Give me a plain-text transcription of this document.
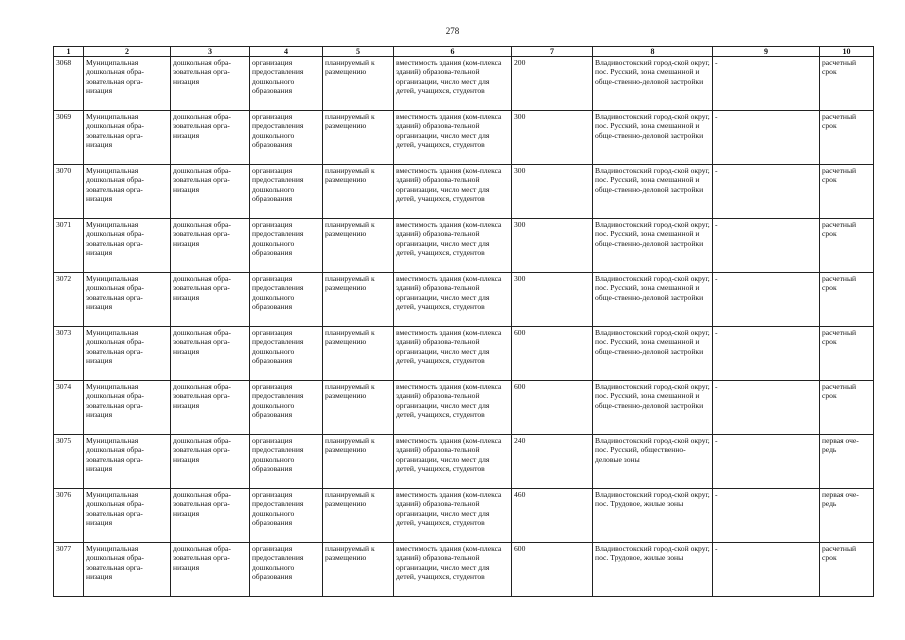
278
1	2	3	4	5	6	7	8	9	10
3068	Муниципальная дошкольная обра-зовательная орга-низация	дошкольная обра-зовательная орга-низация	организация предоставления дошкольного образования	планируемый к размещению	вместимость здания (ком-плекса зданий) образова-тельной организации, число мест для детей, учащихся, студентов	200	Владивостокский город-ской округ, пос. Русский, зона смешанной и обще-ственно-деловой застройки	-	расчетный срок
3069	Муниципальная дошкольная обра-зовательная орга-низация	дошкольная обра-зовательная орга-низация	организация предоставления дошкольного образования	планируемый к размещению	вместимость здания (ком-плекса зданий) образова-тельной организации, число мест для детей, учащихся, студентов	300	Владивостокский город-ской округ, пос. Русский, зона смешанной и обще-ственно-деловой застройки	-	расчетный срок
3070	Муниципальная дошкольная обра-зовательная орга-низация	дошкольная обра-зовательная орга-низация	организация предоставления дошкольного образования	планируемый к размещению	вместимость здания (ком-плекса зданий) образова-тельной организации, число мест для детей, учащихся, студентов	300	Владивостокский город-ской округ, пос. Русский, зона смешанной и обще-ственно-деловой застройки	-	расчетный срок
3071	Муниципальная дошкольная обра-зовательная орга-низация	дошкольная обра-зовательная орга-низация	организация предоставления дошкольного образования	планируемый к размещению	вместимость здания (ком-плекса зданий) образова-тельной организации, число мест для детей, учащихся, студентов	300	Владивостокский город-ской округ, пос. Русский, зона смешанной и обще-ственно-деловой застройки	-	расчетный срок
3072	Муниципальная дошкольная обра-зовательная орга-низация	дошкольная обра-зовательная орга-низация	организация предоставления дошкольного образования	планируемый к размещению	вместимость здания (ком-плекса зданий) образова-тельной организации, число мест для детей, учащихся, студентов	300	Владивостокский город-ской округ, пос. Русский, зона смешанной и обще-ственно-деловой застройки	-	расчетный срок
3073	Муниципальная дошкольная обра-зовательная орга-низация	дошкольная обра-зовательная орга-низация	организация предоставления дошкольного образования	планируемый к размещению	вместимость здания (ком-плекса зданий) образова-тельной организации, число мест для детей, учащихся, студентов	600	Владивостокский город-ской округ, пос. Русский, зона смешанной и обще-ственно-деловой застройки	-	расчетный срок
3074	Муниципальная дошкольная обра-зовательная орга-низация	дошкольная обра-зовательная орга-низация	организация предоставления дошкольного образования	планируемый к размещению	вместимость здания (ком-плекса зданий) образова-тельной организации, число мест для детей, учащихся, студентов	600	Владивостокский город-ской округ, пос. Русский, зона смешанной и обще-ственно-деловой застройки	-	расчетный срок
3075	Муниципальная дошкольная обра-зовательная орга-низация	дошкольная обра-зовательная орга-низация	организация предоставления дошкольного образования	планируемый к размещению	вместимость здания (ком-плекса зданий) образова-тельной организации, число мест для детей, учащихся, студентов	240	Владивостокский город-ской округ, пос. Русский, общественно-деловые зоны	-	первая оче-редь
3076	Муниципальная дошкольная обра-зовательная орга-низация	дошкольная обра-зовательная орга-низация	организация предоставления дошкольного образования	планируемый к размещению	вместимость здания (ком-плекса зданий) образова-тельной организации, число мест для детей, учащихся, студентов	460	Владивостокский город-ской округ, пос. Трудовое, жилые зоны	-	первая оче-редь
3077	Муниципальная дошкольная обра-зовательная орга-низация	дошкольная обра-зовательная орга-низация	организация предоставления дошкольного образования	планируемый к размещению	вместимость здания (ком-плекса зданий) образова-тельной организации, число мест для детей, учащихся, студентов	600	Владивостокский город-ской округ, пос. Трудовое, жилые зоны	-	расчетный срок
